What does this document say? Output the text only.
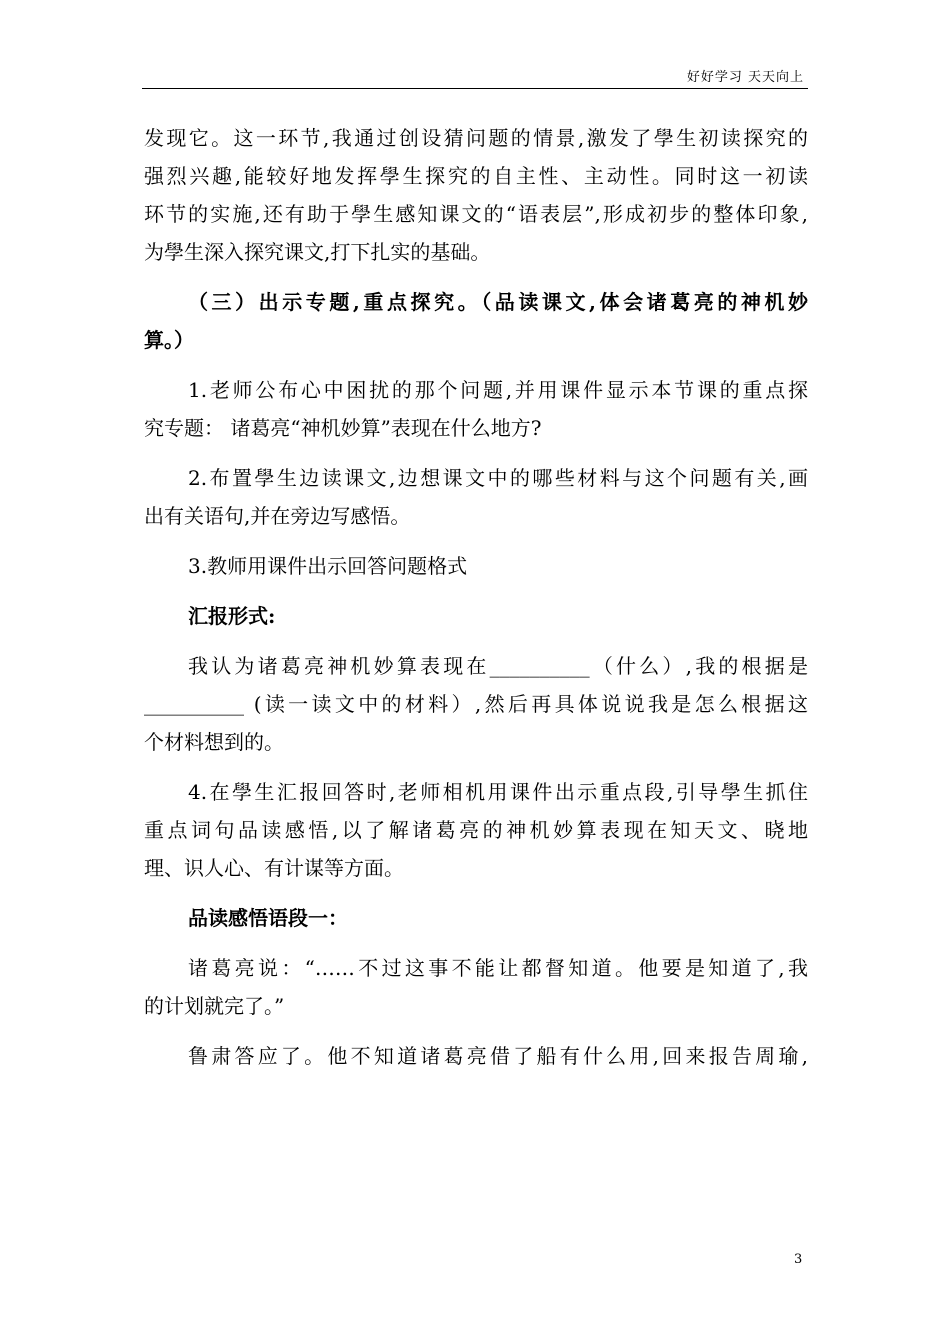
好好学习 天天向上
发现它。这一环节,我通过创设猜问题的情景,激发了學生初读探究的
强烈兴趣,能较好地发挥學生探究的自主性、主动性。同时这一初读
环节的实施,还有助于學生感知课文的“语表层”,形成初步的整体印象,
为學生深入探究课文,打下扎实的基础。
（三）出示专题,重点探究。（品读课文,体会诸葛亮的神机妙
算。）
1.老师公布心中困扰的那个问题,并用课件显示本节课的重点探
究专题： 诸葛亮“神机妙算”表现在什么地方?
2.布置學生边读课文,边想课文中的哪些材料与这个问题有关,画
出有关语句,并在旁边写感悟。
3.教师用课件出示回答问题格式
汇报形式:
我认为诸葛亮神机妙算表现在__________（什么）,我的根据是
__________ (读一读文中的材料）,然后再具体说说我是怎么根据这
个材料想到的。
4.在學生汇报回答时,老师相机用课件出示重点段,引导學生抓住
重点词句品读感悟,以了解诸葛亮的神机妙算表现在知天文、晓地
理、识人心、有计谋等方面。
品读感悟语段一：
诸葛亮说：“……不过这事不能让都督知道。他要是知道了,我
的计划就完了。”
鲁肃答应了。他不知道诸葛亮借了船有什么用,回来报告周瑜,
3
